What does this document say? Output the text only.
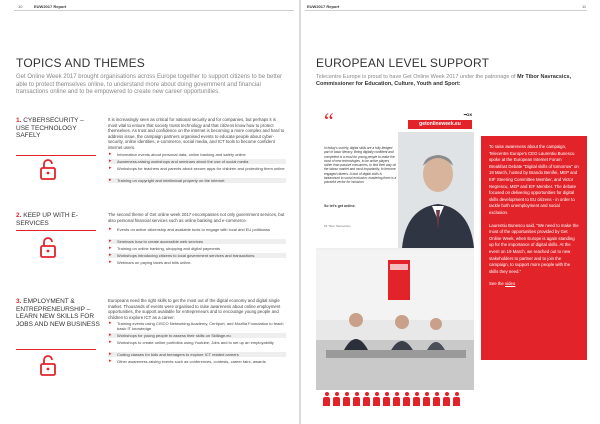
10	EUW2017 Report
TOPICS AND THEMES
Get Online Week 2017 brought organisations across Europe together to support citizens to be better able to protect themselves online, to understand more about doing government and financial transactions online and to be empowered to create new career opportunities.
1. CYBERSECURITY – USE TECHNOLOGY SAFELY
It is increasingly seen as critical for national security and for companies, but perhaps it is most vital to ensure that society trusts technology and that citizens know how to protect themselves. As trust and confidence on the internet is becoming a more complex and hard to address issue, the campaign partners organised events to educate people about cyber-security, online identities, e-commerce, social media, and ICT tools to become confident internet users.
▸ Information events about personal data, online banking and safety online
▸ Awareness-raising workshops and seminars about the use of social media
▸ Workshops for teachers and parents about secure apps for children and protecting them online
▸ Training on copyright and intellectual property on the internet
2. KEEP UP WITH E-SERVICES
The second theme of Get online week 2017 encompasses not only government services, but also personal financial services such as online banking and e-commerce.
▸ Events on active citizenship and available tools to engage with local and EU politicians
▸ Seminars how to create accessible web services
▸ Training on online banking, shopping and digital payments
▸ Workshops introducing citizens to local government services and transactions
▸ Webinars on paying taxes and bills online.
3. EMPLOYMENT & ENTREPRENEURSHIP – LEARN NEW SKILLS FOR JOBS AND NEW BUSINESS
Europeans need the right skills to get the most out of the digital economy and digital single market. Thousands of events were organised to raise awareness about online employment opportunities, the support available for entrepreneurs and to encourage young people and children to explore ICT as a career.
▸ Training events using CISCO Networking Academy, Certiport, and Mozilla Foundation to teach basic IT knowledge
▸ Workshops for young people to assess their skills on Skillage.eu
▸ Workshops to create online portfolios using Youtube, Jobs and to set up an employability
▸ Coding classes for kids and teenagers to explore ICT related careers
▸ Other awareness-raising events such as conferences, contests, career fairs, awards
EUW2017 Report	11
EUROPEAN LEVEL SUPPORT
Telecentre Europe is proud to have Get Online Week 2017 under the patronage of Mr Tibor Navracsics, Commissioner for Education, Culture, Youth and Sport:
“	━OX
getonlineweek.eu
In today's society, digital skills are a fully-fledged part of basic literacy. Being digitally confident and competent is a must for young people to make the most of new technologies, to be active players rather than passive consumers, to find their way on the labour market and most importantly, to become engaged citizens. A lack of digital skills is tantamount to social exclusion: mastering them is a powerful vector for inclusion.
So let's get online.
Mr Tibor Navracsics

To raise awareness about the campaign, Telecentre Europe's CEO Laurentiu Bunescu spoke at the European Internet Forum Breakfast Debate "Digital skills of tomorrow" on 19 March, hosted by Brando Benifei, MEP and EIF Steering Committee Member, and Victor Negrescu, MEP and EIF Member. The debate focused on delivering opportunities for digital skills development to EU citizens - in order to tackle both unemployment and social exclusion.

Laurentiu Bunescu said, "We need to make the most of the opportunities provided by Get Online Week, when Europe is again standing up for the importance of digital skills. At the event on 19 March, we reached out to new stakeholders to partner and to join the campaign, to support more people with the skills they need."

See the video
